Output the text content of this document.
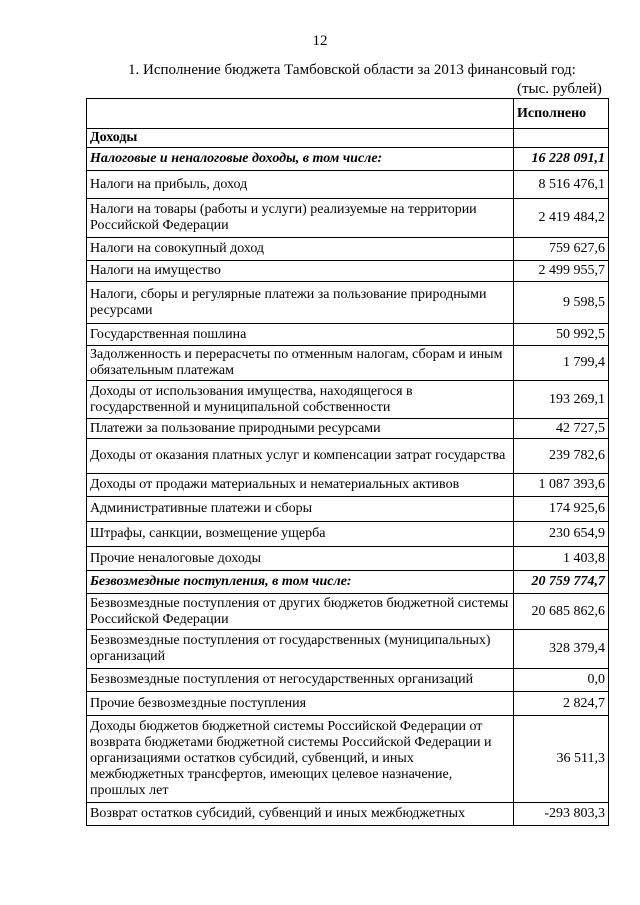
12
1. Исполнение бюджета Тамбовской области за 2013 финансовый год:
(тыс. рублей)
	Исполнено
Доходы	
Налоговые и неналоговые доходы, в том числе:	16 228 091,1
Налоги на прибыль, доход	8 516 476,1
Налоги на товары (работы и услуги) реализуемые на территории Российской Федерации	2 419 484,2
Налоги на совокупный доход	759 627,6
Налоги на имущество	2 499 955,7
Налоги, сборы и регулярные платежи за пользование природными ресурсами	9 598,5
Государственная пошлина	50 992,5
Задолженность и перерасчеты по отменным налогам, сборам и иным обязательным платежам	1 799,4
Доходы от использования имущества, находящегося в государственной и муниципальной собственности	193 269,1
Платежи за пользование природными ресурсами	42 727,5
Доходы от оказания платных услуг и компенсации затрат государства	239 782,6
Доходы от продажи материальных и нематериальных активов	1 087 393,6
Административные платежи и сборы	174 925,6
Штрафы, санкции, возмещение ущерба	230 654,9
Прочие неналоговые доходы	1 403,8
Безвозмездные поступления, в том числе:	20 759 774,7
Безвозмездные поступления от других бюджетов бюджетной системы Российской Федерации	20 685 862,6
Безвозмездные поступления от государственных (муниципальных) организаций	328 379,4
Безвозмездные поступления от негосударственных организаций	0,0
Прочие безвозмездные поступления	2 824,7
Доходы бюджетов бюджетной системы Российской Федерации от возврата бюджетами бюджетной системы Российской Федерации и организациями остатков субсидий, субвенций, и иных межбюджетных трансфертов, имеющих целевое назначение, прошлых лет	36 511,3
Возврат остатков субсидий, субвенций и иных межбюджетных	-293 803,3
